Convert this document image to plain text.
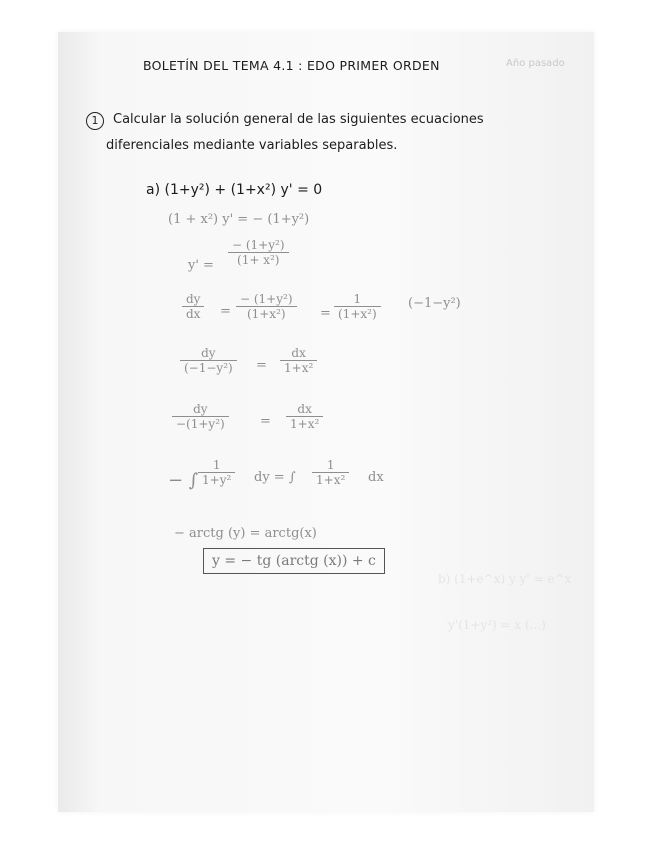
BOLETÍN DEL TEMA 4.1 : EDO PRIMER ORDEN	Año pasado
1	Calcular la solución general de las siguientes ecuaciones
diferenciales mediante variables separables.
a) (1+y²) + (1+x²) y' = 0
(1 + x²) y' = − (1+y²)
y' =
− (1+y²)
(1+ x²)
dy
dx	=
− (1+y²)
(1+x²)	=
1
(1+x²)
(−1−y²)
dy
(−1−y²)	=
dx
1+x²
dy
−(1+y²)	=
dx
1+x²
− ∫
1
1+y²	dy = ∫
1
1+x²	dx
− arctg (y) = arctg(x)
y = − tg (arctg (x)) + c
b) (1+e^x) y y' = e^x
y'(1+y²) = x (...)
